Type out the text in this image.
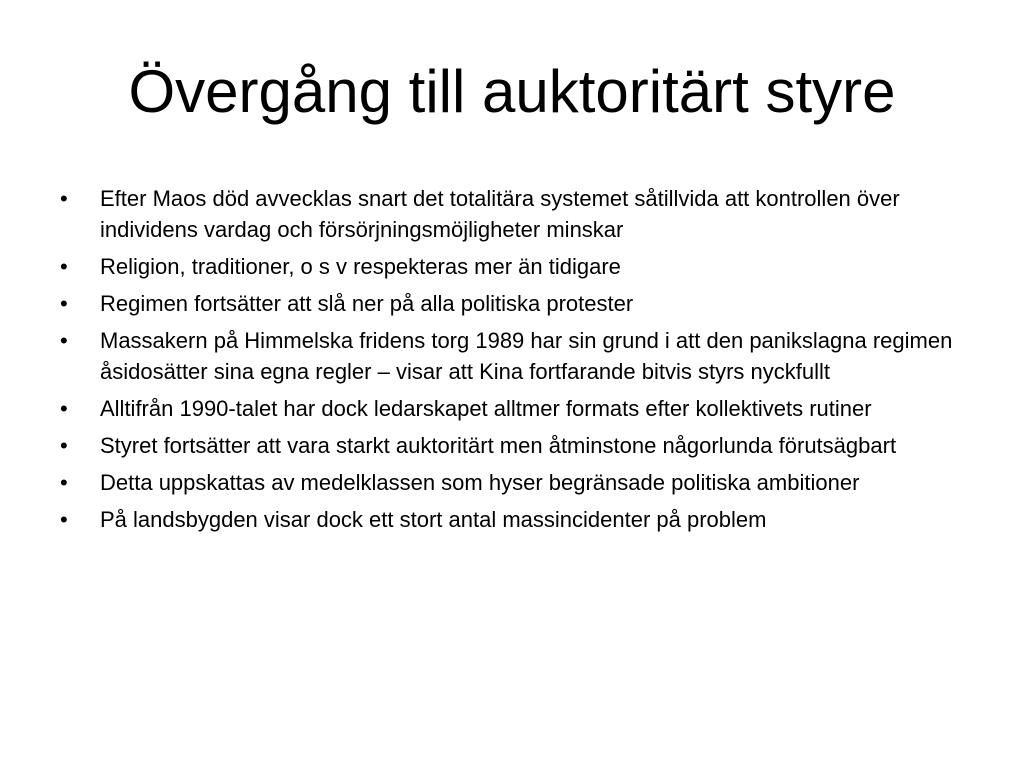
Övergång till auktoritärt styre
•	Efter Maos död avvecklas snart det totalitära systemet såtillvida att kontrollen över individens vardag och försörjningsmöjligheter minskar
•	Religion, traditioner, o s v respekteras mer än tidigare
•	Regimen fortsätter att slå ner på alla politiska protester
•	Massakern på Himmelska fridens torg 1989 har sin grund i att den panikslagna regimen åsidosätter sina egna regler – visar att Kina fortfarande bitvis styrs nyckfullt
•	Alltifrån 1990-talet har dock ledarskapet alltmer formats efter kollektivets rutiner
•	Styret fortsätter att vara starkt auktoritärt men åtminstone någorlunda förutsägbart
•	Detta uppskattas av medelklassen som hyser begränsade politiska ambitioner
•	På landsbygden visar dock ett stort antal massincidenter på problem
